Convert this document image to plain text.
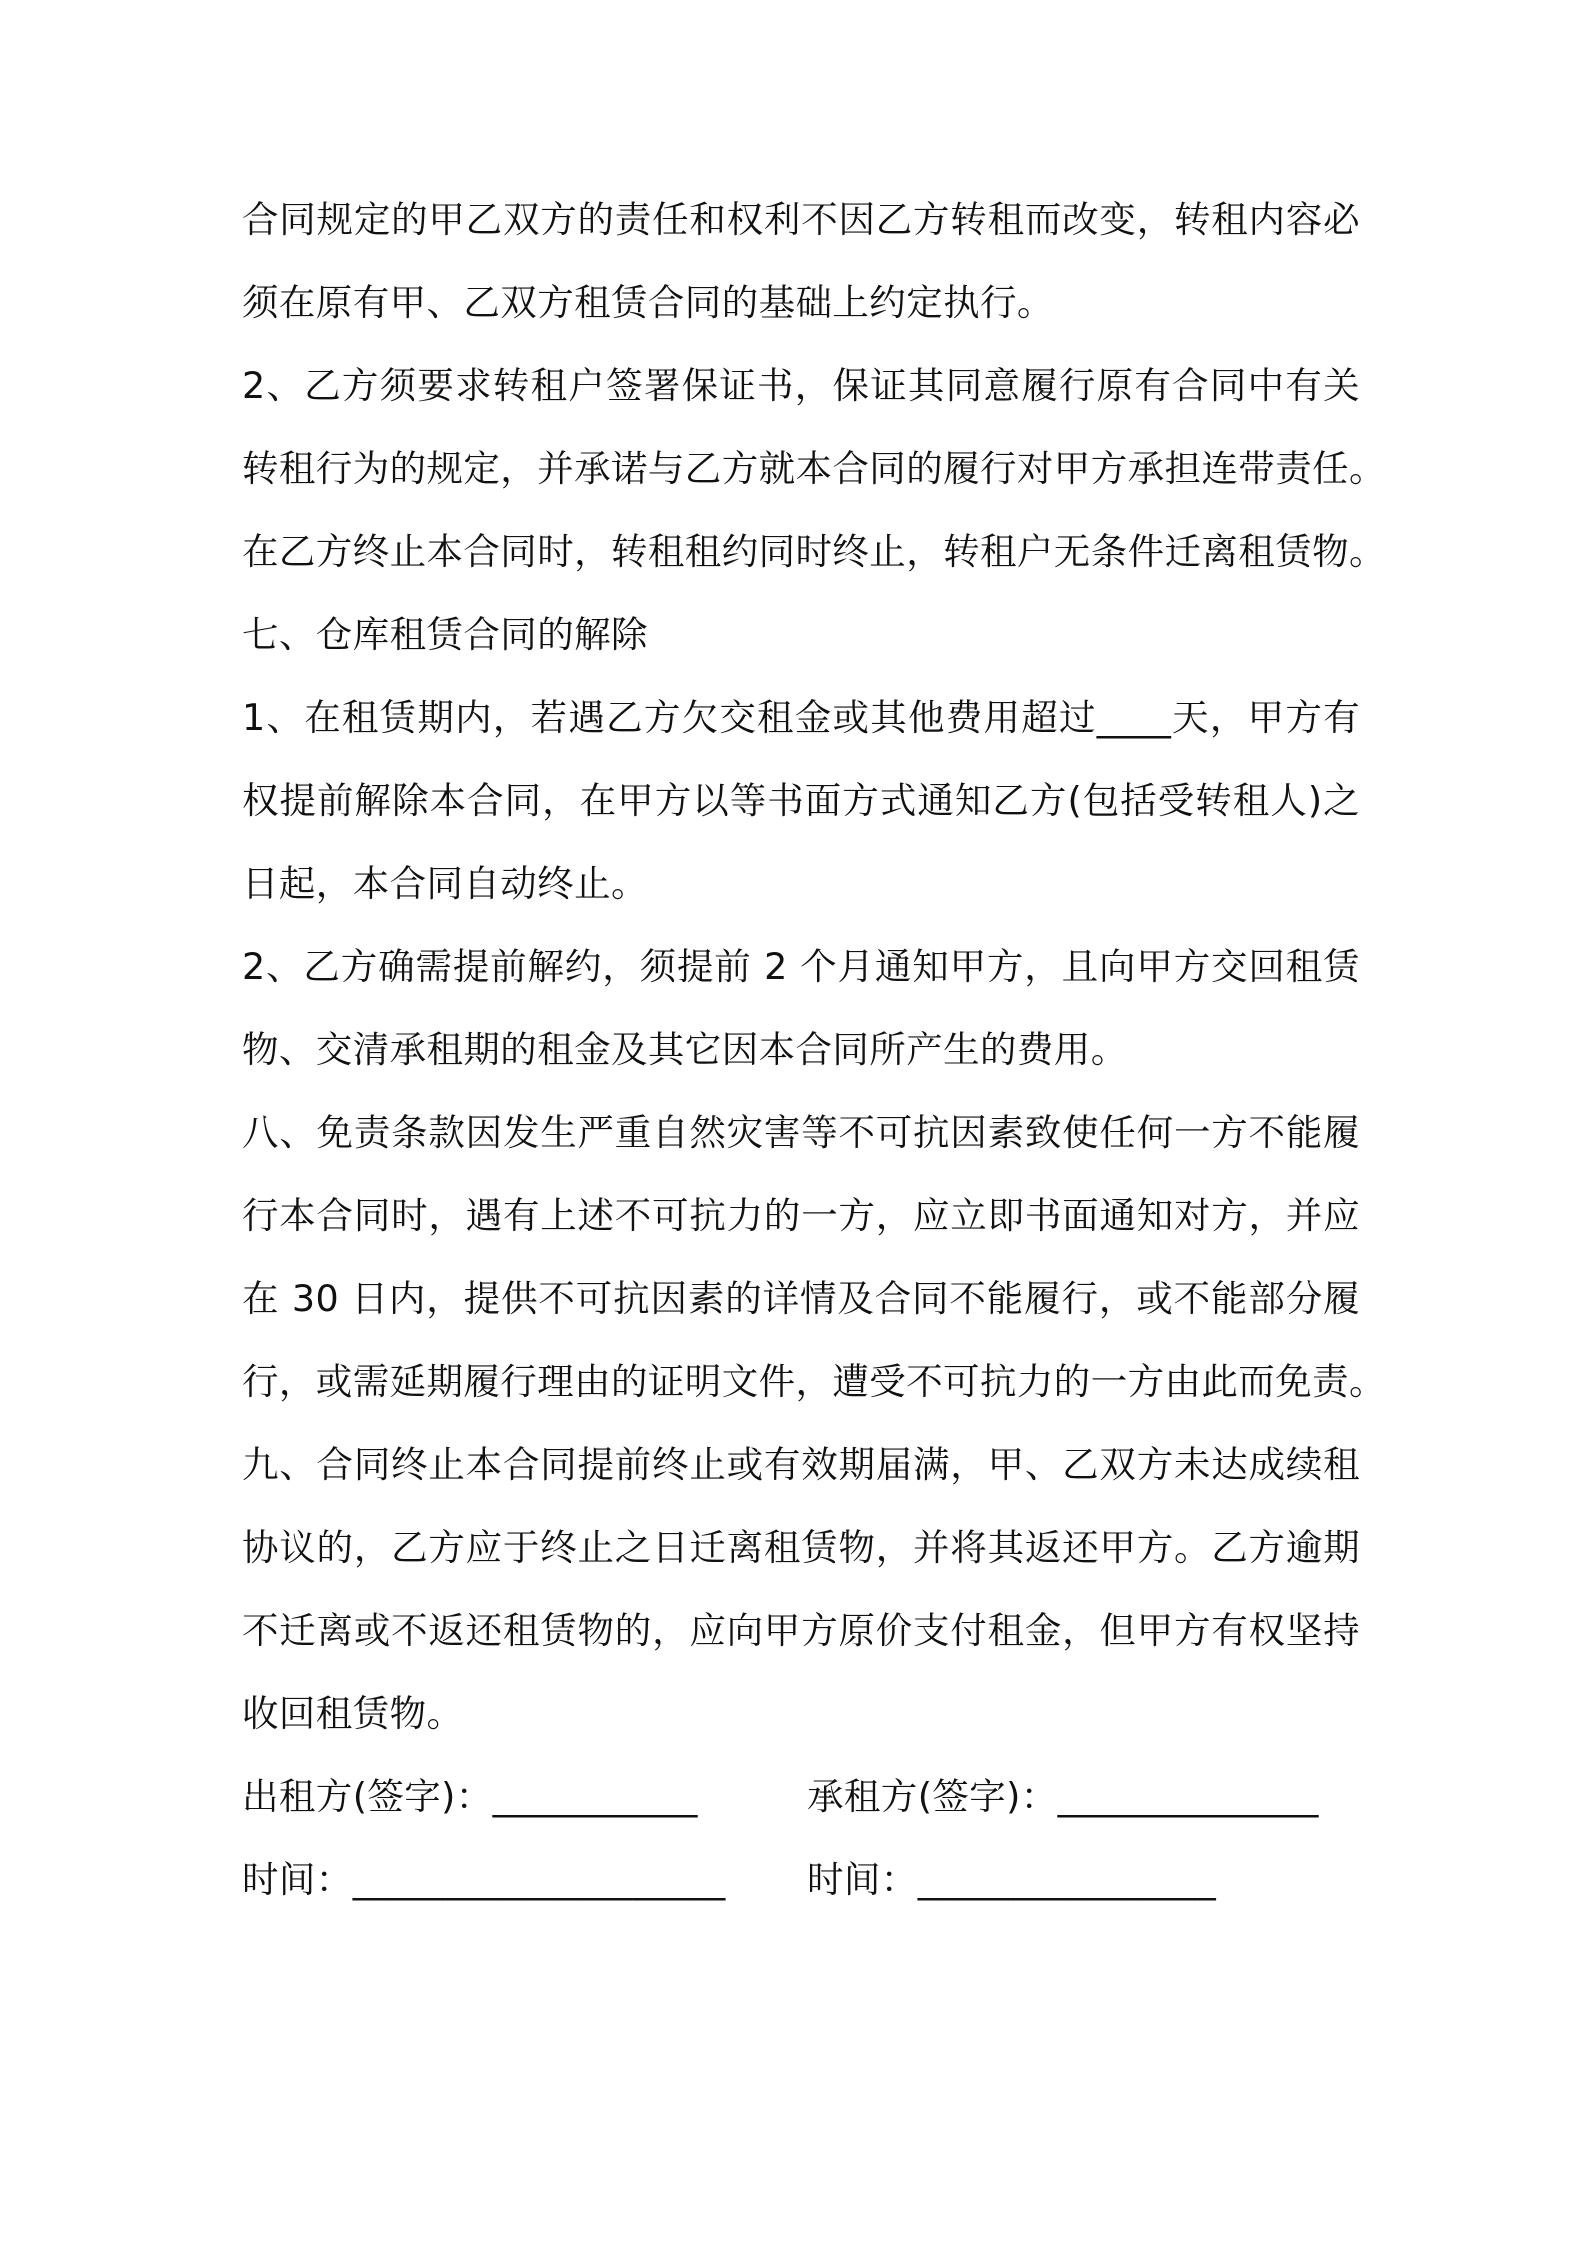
合同规定的甲乙双方的责任和权利不因乙方转租而改变，转租内容必
须在原有甲、乙双方租赁合同的基础上约定执行。
2、乙方须要求转租户签署保证书，保证其同意履行原有合同中有关
转租行为的规定，并承诺与乙方就本合同的履行对甲方承担连带责任。
在乙方终止本合同时，转租租约同时终止，转租户无条件迁离租赁物。
七、仓库租赁合同的解除
1、在租赁期内，若遇乙方欠交租金或其他费用超过____天，甲方有
权提前解除本合同，在甲方以等书面方式通知乙方(包括受转租人)之
日起，本合同自动终止。
2、乙方确需提前解约，须提前 2 个月通知甲方，且向甲方交回租赁
物、交清承租期的租金及其它因本合同所产生的费用。
八、免责条款因发生严重自然灾害等不可抗因素致使任何一方不能履
行本合同时，遇有上述不可抗力的一方，应立即书面通知对方，并应
在 30 日内，提供不可抗因素的详情及合同不能履行，或不能部分履
行，或需延期履行理由的证明文件，遭受不可抗力的一方由此而免责。
九、合同终止本合同提前终止或有效期届满，甲、乙双方未达成续租
协议的，乙方应于终止之日迁离租赁物，并将其返还甲方。乙方逾期
不迁离或不返还租赁物的，应向甲方原价支付租金，但甲方有权坚持
收回租赁物。
出租方(签字)：___________	承租方(签字)：______________
时间：____________________ 时间：________________
